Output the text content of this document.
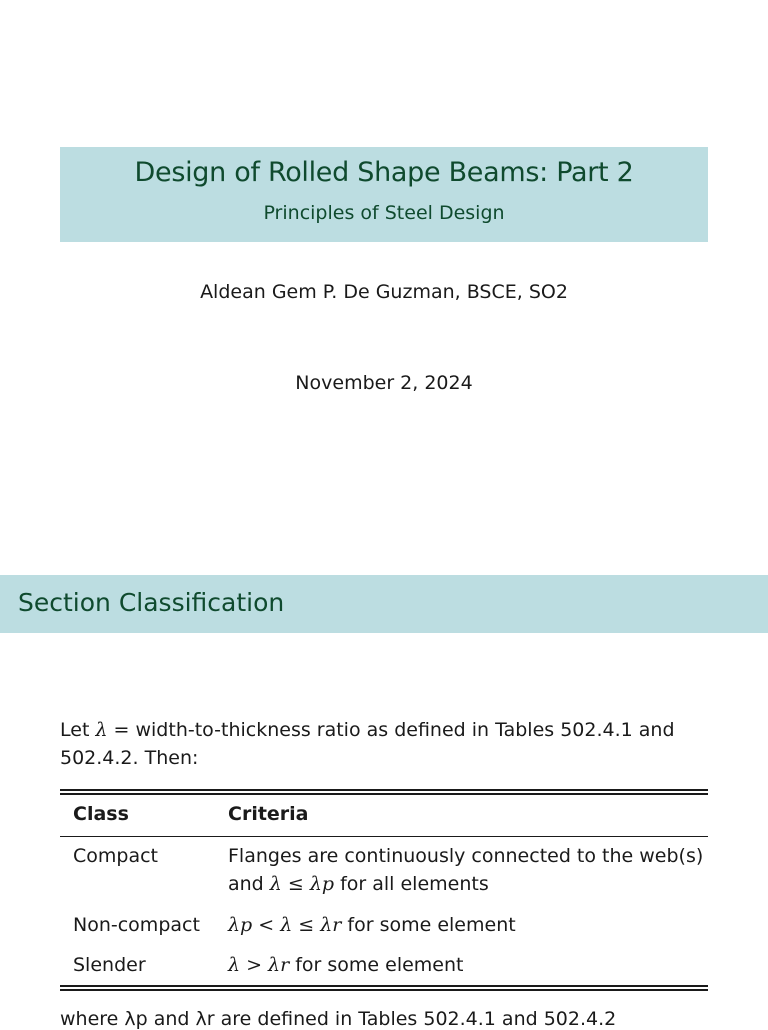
Design of Rolled Shape Beams: Part 2
Principles of Steel Design
Aldean Gem P. De Guzman, BSCE, SO2
November 2, 2024
Section Classification
Let λ = width-to-thickness ratio as defined in Tables 502.4.1 and 502.4.2. Then:
Class	Criteria
Compact	Flanges are continuously connected to the web(s)
and λ ≤ λp for all elements
Non-compact λp < λ ≤ λr for some element
Slender	λ > λr for some element
where λp and λr are defined in Tables 502.4.1 and 502.4.2
